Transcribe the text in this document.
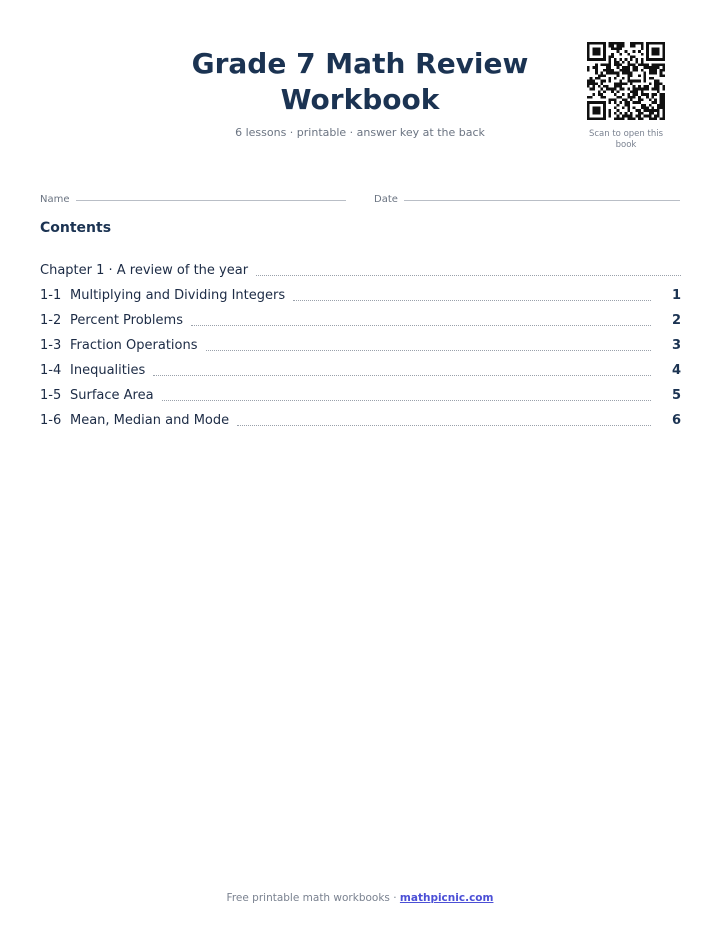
Grade 7 Math Review Workbook
6 lessons · printable · answer key at the back	Scan to open this book
Name	Date
Contents
Chapter 1 · A review of the year
1-1 Multiplying and Dividing Integers	1
1-2 Percent Problems	2
1-3 Fraction Operations	3
1-4 Inequalities	4
1-5 Surface Area	5
1-6 Mean, Median and Mode	6
Free printable math workbooks · mathpicnic.com
